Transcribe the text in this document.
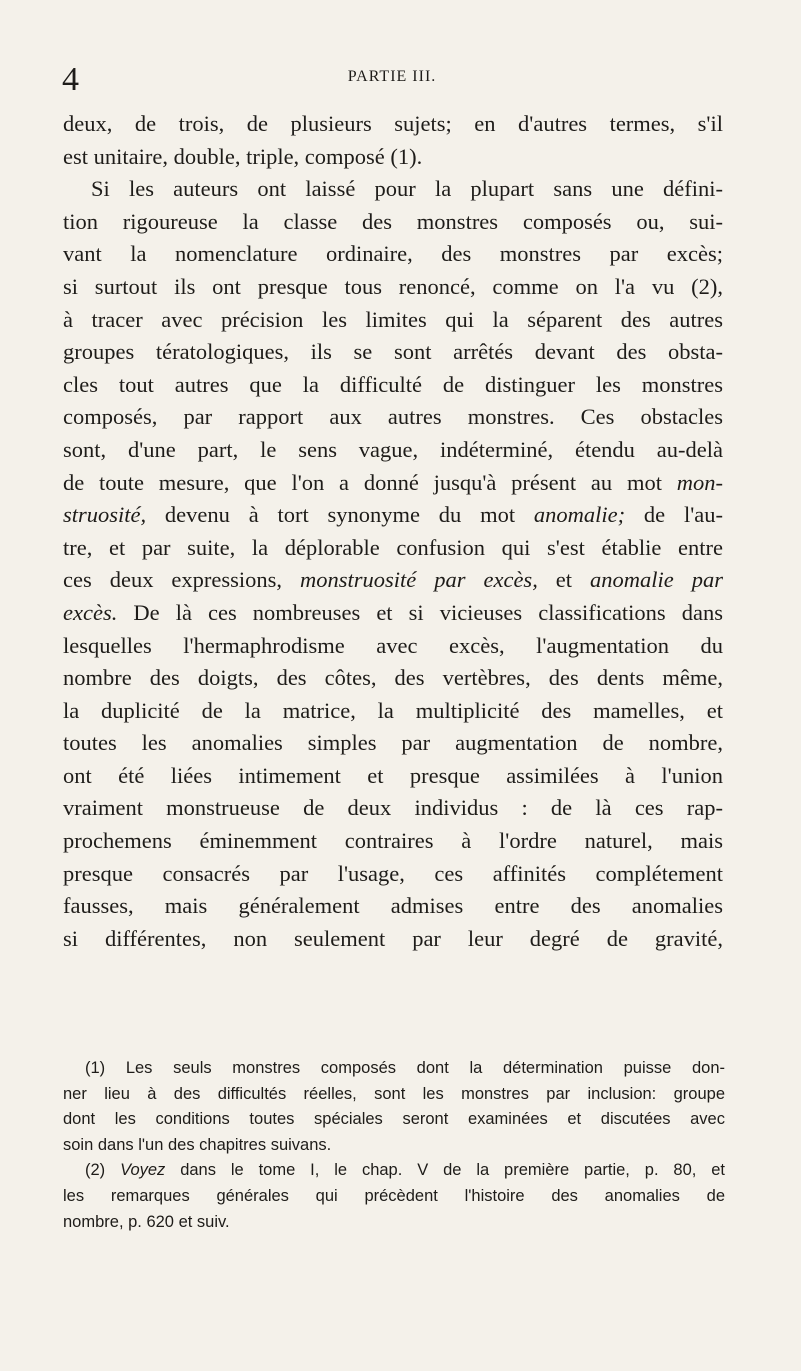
4	PARTIE III.
deux, de trois, de plusieurs sujets; en d'autres termes, s'il
est unitaire, double, triple, composé (1).
Si les auteurs ont laissé pour la plupart sans une défini-
tion rigoureuse la classe des monstres composés ou, sui-
vant la nomenclature ordinaire, des monstres par excès;
si surtout ils ont presque tous renoncé, comme on l'a vu (2),
à tracer avec précision les limites qui la séparent des autres
groupes tératologiques, ils se sont arrêtés devant des obsta-
cles tout autres que la difficulté de distinguer les monstres
composés, par rapport aux autres monstres. Ces obstacles
sont, d'une part, le sens vague, indéterminé, étendu au-delà
de toute mesure, que l'on a donné jusqu'à présent au mot mon-
struosité, devenu à tort synonyme du mot anomalie; de l'au-
tre, et par suite, la déplorable confusion qui s'est établie entre
ces deux expressions, monstruosité par excès, et anomalie par
excès. De là ces nombreuses et si vicieuses classifications dans
lesquelles l'hermaphrodisme avec excès, l'augmentation du
nombre des doigts, des côtes, des vertèbres, des dents même,
la duplicité de la matrice, la multiplicité des mamelles, et
toutes les anomalies simples par augmentation de nombre,
ont été liées intimement et presque assimilées à l'union
vraiment monstrueuse de deux individus : de là ces rap-
prochemens éminemment contraires à l'ordre naturel, mais
presque consacrés par l'usage, ces affinités complétement
fausses, mais généralement admises entre des anomalies
si différentes, non seulement par leur degré de gravité,
(1) Les seuls monstres composés dont la détermination puisse don-
ner lieu à des difficultés réelles, sont les monstres par inclusion: groupe
dont les conditions toutes spéciales seront examinées et discutées avec
soin dans l'un des chapitres suivans.
(2) Voyez dans le tome I, le chap. V de la première partie, p. 80, et
les remarques générales qui précèdent l'histoire des anomalies de
nombre, p. 620 et suiv.
